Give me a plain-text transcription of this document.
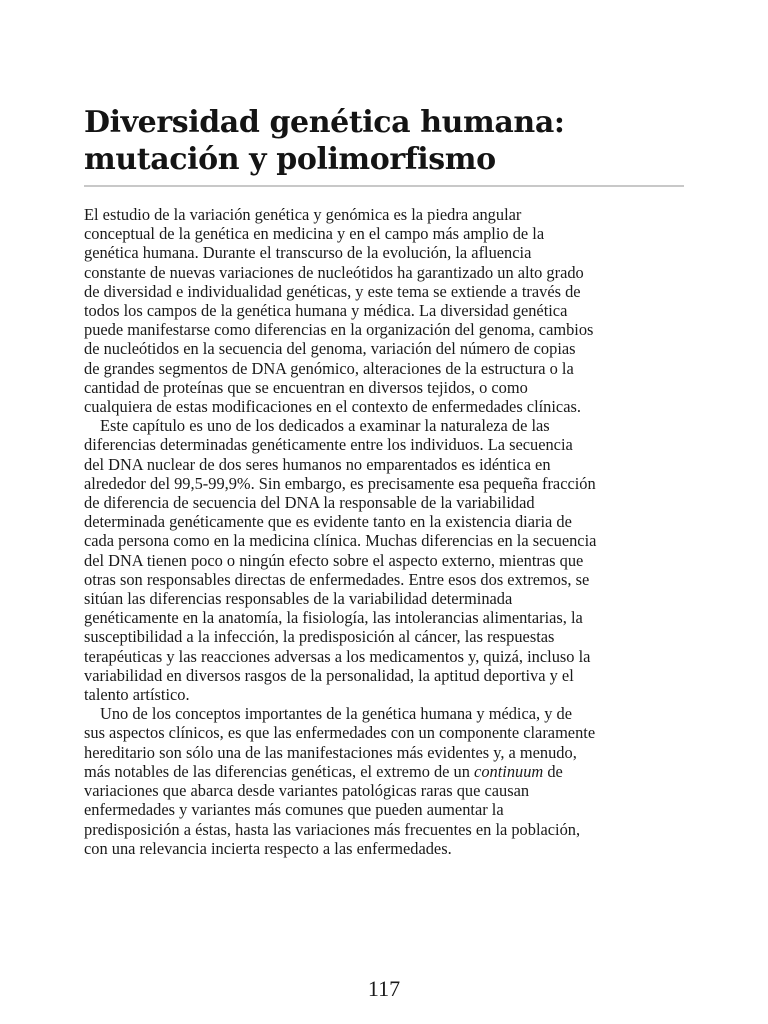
Diversidad genética humana:
mutación y polimorfismo

El estudio de la variación genética y genómica es la piedra angular
conceptual de la genética en medicina y en el campo más amplio de la
genética humana. Durante el transcurso de la evolución, la afluencia
constante de nuevas variaciones de nucleótidos ha garantizado un alto grado
de diversidad e individualidad genéticas, y este tema se extiende a través de
todos los campos de la genética humana y médica. La diversidad genética
puede manifestarse como diferencias en la organización del genoma, cambios
de nucleótidos en la secuencia del genoma, variación del número de copias
de grandes segmentos de DNA genómico, alteraciones de la estructura o la
cantidad de proteínas que se encuentran en diversos tejidos, o como
cualquiera de estas modificaciones en el contexto de enfermedades clínicas.

Este capítulo es uno de los dedicados a examinar la naturaleza de las
diferencias determinadas genéticamente entre los individuos. La secuencia
del DNA nuclear de dos seres humanos no emparentados es idéntica en
alrededor del 99,5-99,9%. Sin embargo, es precisamente esa pequeña fracción
de diferencia de secuencia del DNA la responsable de la variabilidad
determinada genéticamente que es evidente tanto en la existencia diaria de
cada persona como en la medicina clínica. Muchas diferencias en la secuencia
del DNA tienen poco o ningún efecto sobre el aspecto externo, mientras que
otras son responsables directas de enfermedades. Entre esos dos extremos, se
sitúan las diferencias responsables de la variabilidad determinada
genéticamente en la anatomía, la fisiología, las intolerancias alimentarias, la
susceptibilidad a la infección, la predisposición al cáncer, las respuestas
terapéuticas y las reacciones adversas a los medicamentos y, quizá, incluso la
variabilidad en diversos rasgos de la personalidad, la aptitud deportiva y el
talento artístico.

Uno de los conceptos importantes de la genética humana y médica, y de
sus aspectos clínicos, es que las enfermedades con un componente claramente
hereditario son sólo una de las manifestaciones más evidentes y, a menudo,
más notables de las diferencias genéticas, el extremo de un continuum de
variaciones que abarca desde variantes patológicas raras que causan
enfermedades y variantes más comunes que pueden aumentar la
predisposición a éstas, hasta las variaciones más frecuentes en la población,
con una relevancia incierta respecto a las enfermedades.

117
